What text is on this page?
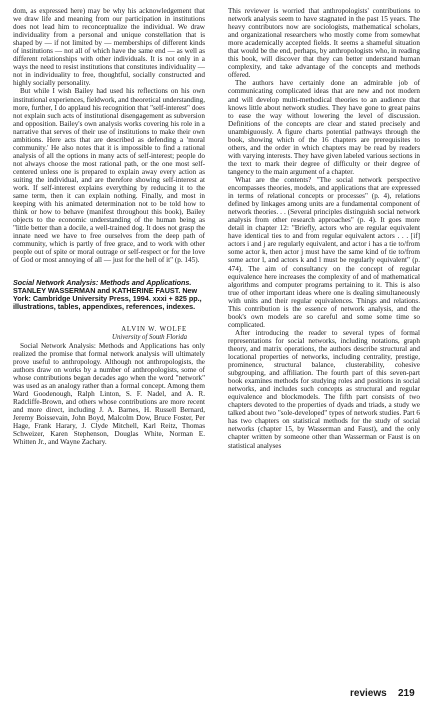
dom, as expressed here) may be why his acknowledgement that we draw life and meaning from our participation in institutions does not lead him to reconceptualize the individual. We draw individuality from a personal and unique constellation that is shaped by — if not limited by — memberships of different kinds of institutions — not all of which have the same end — as well as different relationships with other individuals. It is not only in a ways the need to resist institutions that constitutes individuality — not in individuality to free, thoughtful, socially constructed and highly socially personality.

But while I wish Bailey had used his reflections on his own institutional experiences, fieldwork, and theoretical understanding, more, further, I do applaud his recognition that "self-interest" does not explain such acts of institutional disengagement as subversion and opposition. Bailey's own analysis works covering his role in a narrative that serves of their use of institutions to make their own ambitions. Here acts that are described as defending a 'moral community.' He also notes that it is impossible to find a rational analysis of all the options in many acts of self-interest; people do not always choose the most rational path, or the one most self-centered unless one is prepared to explain away every action as suiting the individual, and are therefore showing self-interest at work. If self-interest explains everything by reducing it to the same term, then it can explain nothing. Finally, and most in keeping with his animated determination not to be told how to think or how to behave (manifest throughout this book), Bailey objects to the economic understanding of the human being as "little better than a docile, a well-trained dog. It does not grasp the innate need we have to free ourselves from the deep path of community, which is partly of free grace, and to work with other people out of spite or moral outrage or self-respect or for the love of God or most annoying of all — just for the hell of it" (p. 145).

Social Network Analysis: Methods and Applications. STANLEY WASSERMAN and KATHERINE FAUST. New York: Cambridge University Press, 1994. xxxi + 825 pp., illustrations, tables, appendixes, references, indexes.
ALVIN W. WOLFE
University of South Florida

Social Network Analysis: Methods and Applications has only realized the promise that formal network analysis will ultimately prove useful to anthropology. Although not anthropologists, the authors draw on works by a number of anthropologists, some of whose contributions began decades ago when the word "network" was used as an analogy rather than a formal concept. Among them Ward Goodenough, Ralph Linton, S. F. Nadel, and A. R. Radcliffe-Brown, and others whose contributions are more recent and more direct, including J. A. Barnes, H. Russell Bernard, Jeremy Boissevain, John Boyd, Malcolm Dow, Bruce Foster, Per Hage, Frank Harary, J. Clyde Mitchell, Karl Reitz, Thomas Schweizer, Karen Stephenson, Douglas White, Norman E. Whitten Jr., and Wayne Zachary.

This reviewer is worried that anthropologists' contributions to network analysis seem to have stagnated in the past 15 years. The heavy contributors now are sociologists, mathematical scholars, and organizational researchers who mostly come from somewhat more academically accepted fields. It seems a shameful situation that would be the end, perhaps, by anthropologists who, in reading this book, will discover that they can better understand human complexity, and take advantage of the concepts and methods offered.

The authors have certainly done an admirable job of communicating complicated ideas that are new and not modern and will develop multi-methodical theories to an audience that knows little about network studies. They have gone to great pains to ease the way without lowering the level of discussion. Definitions of the concepts are clear and stated precisely and unambiguously. A figure charts potential pathways through the book, showing which of the 16 chapters are prerequisites to others, and the order in which chapters may be read by readers with varying interests. They have given labeled various sections in the text to mark their degree of difficulty or their degree of tangency to the main argument of a chapter.

What are the contents? "The social network perspective encompasses theories, models, and applications that are expressed in terms of relational concepts or processes" (p. 4), relations defined by linkages among units are a fundamental component of network theories. . . (Several principles distinguish social network analysis from other research approaches" (p. 4). It goes more detail in chapter 12: "Briefly, actors who are regular equivalent have identical ties to and from regular equivalent actors . . . [if] actors i and j are regularly equivalent, and actor i has a tie to/from some actor k, then actor j must have the same kind of tie to/from some actor l, and actors k and l must be regularly equivalent" (p. 474). The aim of consultancy on the concept of regular equivalence here increases the complexity of and of mathematical algorithms and computer programs pertaining to it. This is also true of other important ideas where one is dealing simultaneously with units and their regular equivalences. Things and relations. This contribution is the essence of network analysis, and the book's own models are so careful and some some time so complicated.

After introducing the reader to several types of formal representations for social networks, including notations, graph theory, and matrix operations, the authors describe structural and locational properties of networks, including centrality, prestige, prominence, structural balance, clusterability, cohesive subgrouping, and affiliation. The fourth part of this seven-part book examines methods for studying roles and positions in social networks, and includes such concepts as structural and regular equivalence and blockmodels. The fifth part consists of two chapters devoted to the properties of dyads and triads, a study we talked about two "sole-developed" types of network studies. Part 6 has two chapters on statistical methods for the study of social networks (chapter 15, by Wasserman and Faust), and the only chapter written by someone other than Wasserman or Faust is on statistical analyses

reviews 219
